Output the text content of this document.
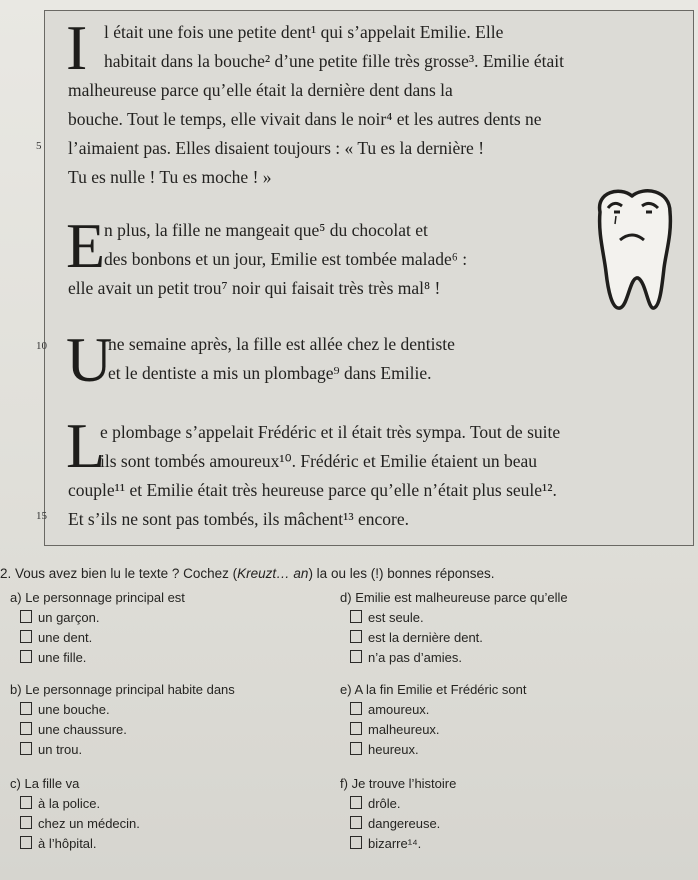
I l était une fois une petite dent¹ qui s’appelait Emilie. Elle
habitait dans la bouche² d’une petite fille très grosse³. Emilie était
malheureuse parce qu’elle était la dernière dent dans la
bouche. Tout le temps, elle vivait dans le noir⁴ et les autres dents ne
l’aimaient pas. Elles disaient toujours : « Tu es la dernière !
Tu es nulle ! Tu es moche ! »
5
E
n plus, la fille ne mangeait que⁵ du chocolat et
des bonbons et un jour, Emilie est tombée malade⁶ :
elle avait un petit trou⁷ noir qui faisait très très mal⁸ !
10 U
ne semaine après, la fille est allée chez le dentiste
et le dentiste a mis un plombage⁹ dans Emilie.
L
e plombage s’appelait Frédéric et il était très sympa. Tout de suite
ils sont tombés amoureux¹⁰. Frédéric et Emilie étaient un beau
couple¹¹ et Emilie était très heureuse parce qu’elle n’était plus seule¹².
Et s’ils ne sont pas tombés, ils mâchent¹³ encore.
15
2. Vous avez bien lu le texte ? Cochez (Kreuzt… an) la ou les (!) bonnes réponses.
a) Le personnage principal est
un garçon.
une dent.
une fille.
b) Le personnage principal habite dans
une bouche.
une chaussure.
un trou.
c) La fille va
à la police.
chez un médecin.
à l’hôpital.
d) Emilie est malheureuse parce qu’elle
est seule.
est la dernière dent.
n’a pas d’amies.
e) A la fin Emilie et Frédéric sont
amoureux.
malheureux.
heureux.
f) Je trouve l’histoire
drôle.
dangereuse.
bizarre¹⁴.
